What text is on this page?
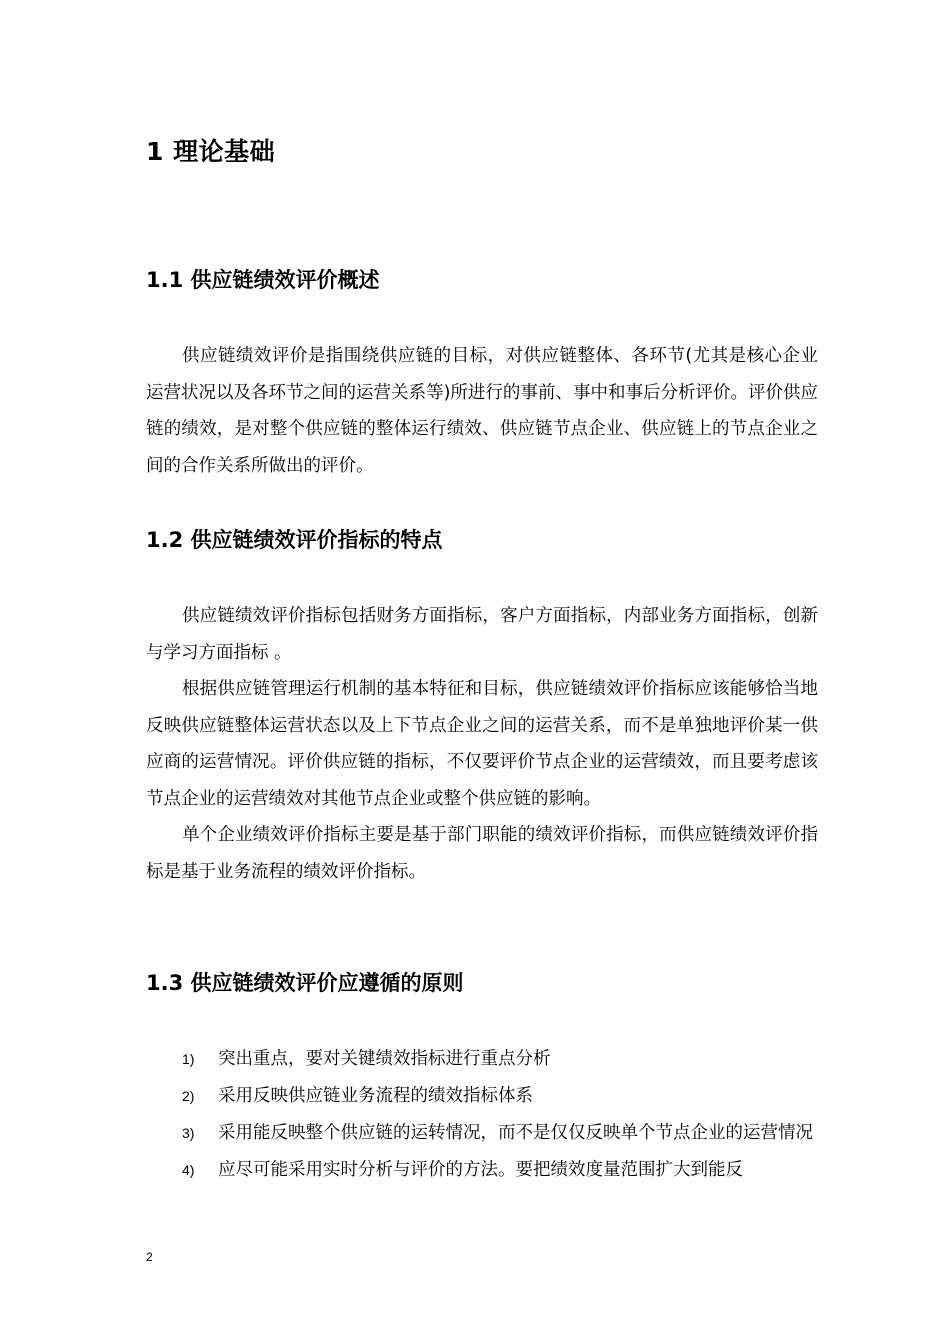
1 理论基础
1.1 供应链绩效评价概述

供应链绩效评价是指围绕供应链的目标，对供应链整体、各环节(尤其是核心企业运营状况以及各环节之间的运营关系等)所进行的事前、事中和事后分析评价。评价供应链的绩效，是对整个供应链的整体运行绩效、供应链节点企业、供应链上的节点企业之间的合作关系所做出的评价。

1.2 供应链绩效评价指标的特点

供应链绩效评价指标包括财务方面指标，客户方面指标，内部业务方面指标，创新与学习方面指标 。

根据供应链管理运行机制的基本特征和目标，供应链绩效评价指标应该能够恰当地反映供应链整体运营状态以及上下节点企业之间的运营关系，而不是单独地评价某一供应商的运营情况。评价供应链的指标，不仅要评价节点企业的运营绩效，而且要考虑该节点企业的运营绩效对其他节点企业或整个供应链的影响。

单个企业绩效评价指标主要是基于部门职能的绩效评价指标，而供应链绩效评价指标是基于业务流程的绩效评价指标。

1.3 供应链绩效评价应遵循的原则
1) 突出重点，要对关键绩效指标进行重点分析
2) 采用反映供应链业务流程的绩效指标体系
3) 采用能反映整个供应链的运转情况，而不是仅仅反映单个节点企业的运营情况
4) 应尽可能采用实时分析与评价的方法。要把绩效度量范围扩大到能反
2
